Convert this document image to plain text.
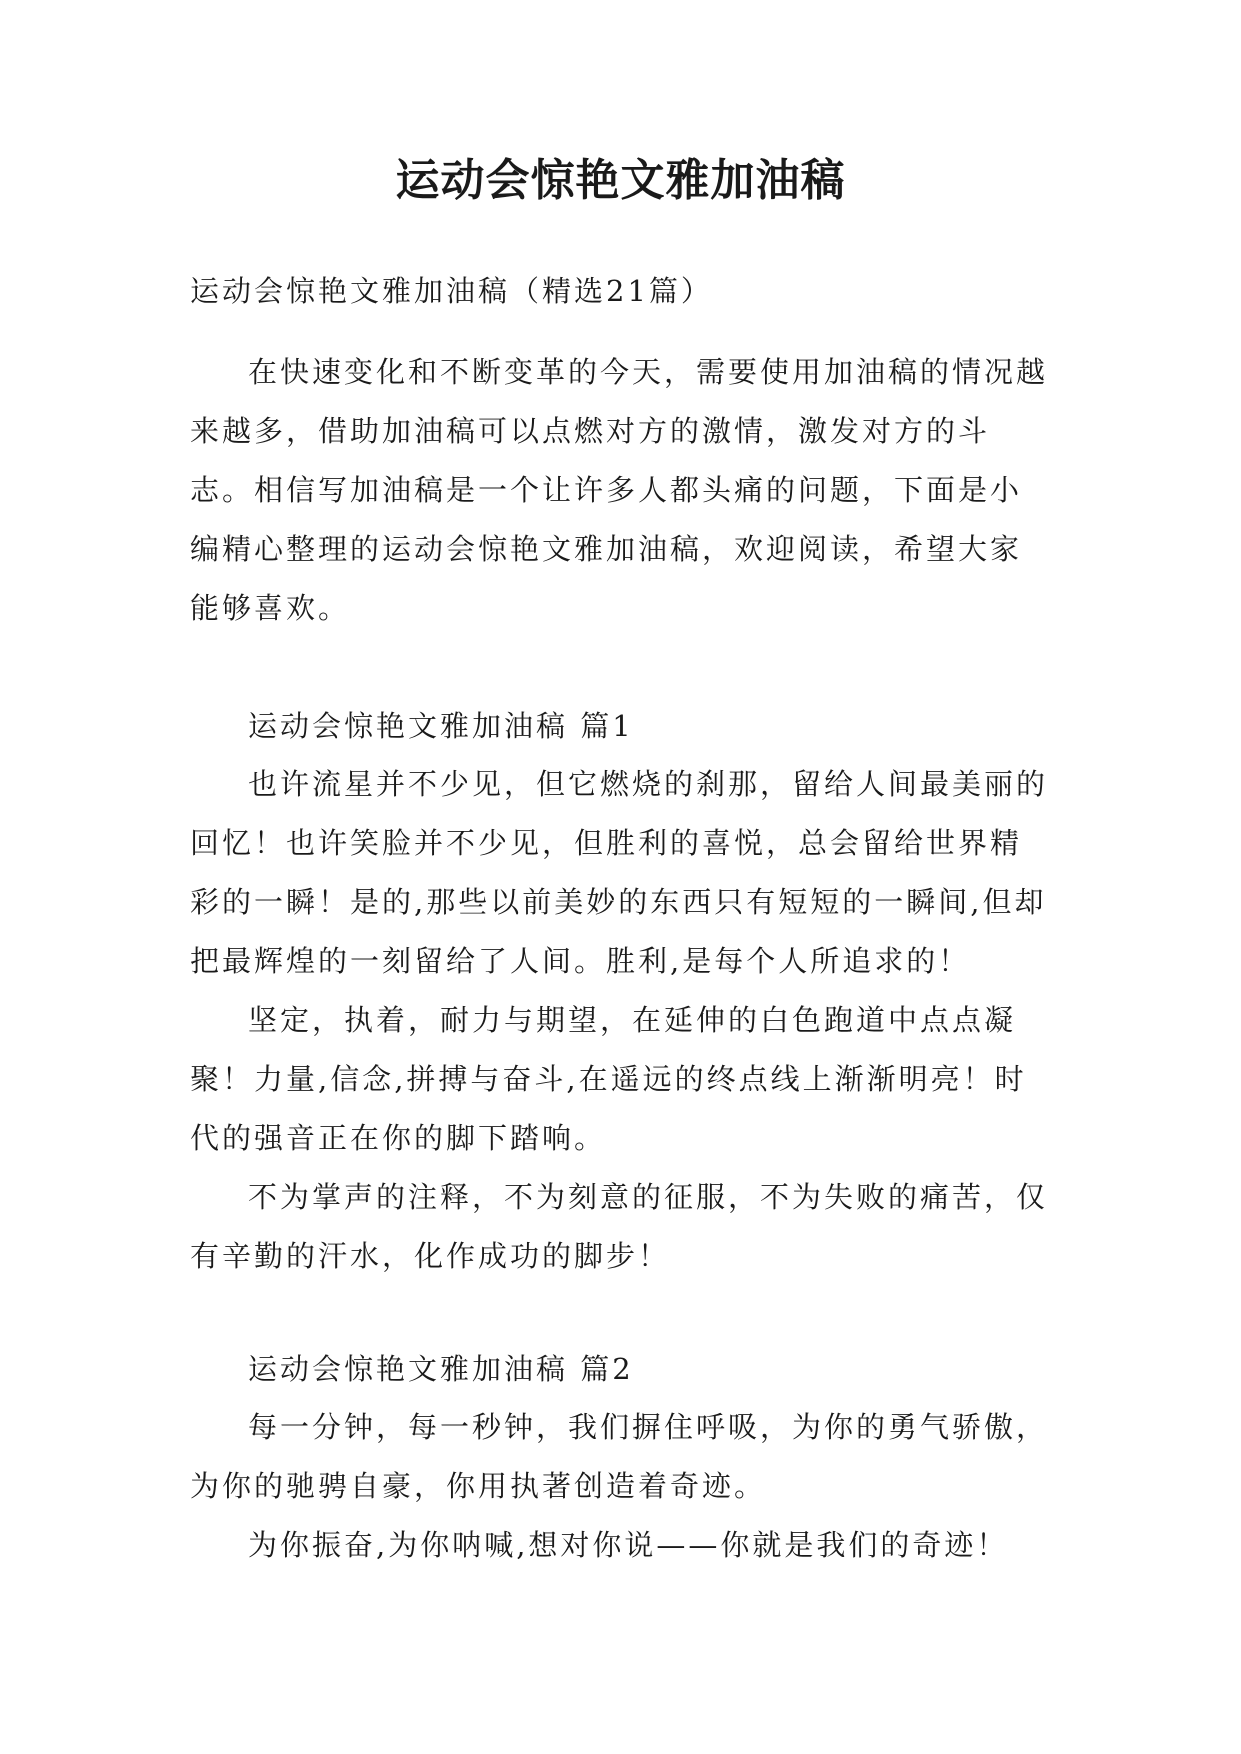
运动会惊艳文雅加油稿

运动会惊艳文雅加油稿（精选21篇）

在快速变化和不断变革的今天，需要使用加油稿的情况越来越多，借助加油稿可以点燃对方的激情，激发对方的斗志。相信写加油稿是一个让许多人都头痛的问题，下面是小编精心整理的运动会惊艳文雅加油稿，欢迎阅读，希望大家能够喜欢。

运动会惊艳文雅加油稿 篇1

也许流星并不少见，但它燃烧的刹那，留给人间最美丽的回忆！也许笑脸并不少见，但胜利的喜悦，总会留给世界精彩的一瞬！是的,那些以前美妙的东西只有短短的一瞬间,但却把最辉煌的一刻留给了人间。胜利,是每个人所追求的！

坚定，执着，耐力与期望，在延伸的白色跑道中点点凝聚！力量,信念,拼搏与奋斗,在遥远的终点线上渐渐明亮！时代的强音正在你的脚下踏响。

不为掌声的注释，不为刻意的征服，不为失败的痛苦，仅有辛勤的汗水，化作成功的脚步！

运动会惊艳文雅加油稿 篇2

每一分钟，每一秒钟，我们摒住呼吸，为你的勇气骄傲，为你的驰骋自豪，你用执著创造着奇迹。

为你振奋,为你呐喊,想对你说——你就是我们的奇迹！
